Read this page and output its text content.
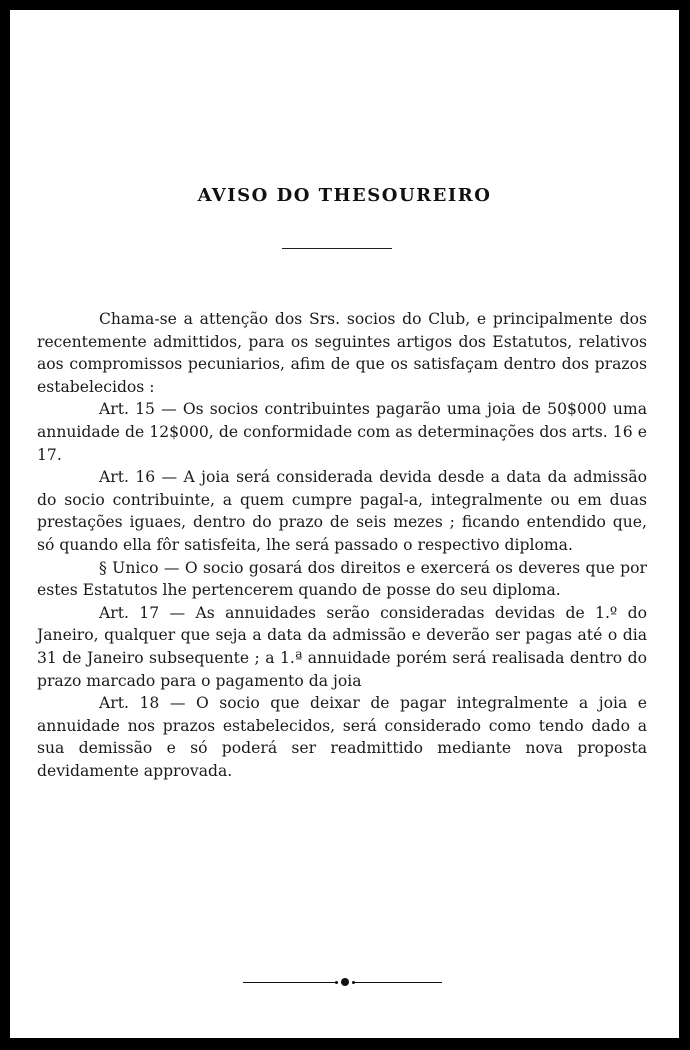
AVISO DO THESOUREIRO

Chama-se a attenção dos Srs. socios do Club, e principalmente dos recentemente admittidos, para os seguintes artigos dos Estatutos, relativos aos compromissos pecuniarios, afim de que os satisfaçam dentro dos prazos estabelecidos :

Art. 15 — Os socios contribuintes pagarão uma joia de 50$000 uma annuidade de 12$000, de conformidade com as determinações dos arts. 16 e 17.

Art. 16 — A joia será considerada devida desde a data da admissão do socio contribuinte, a quem cumpre pagal-a, integralmente ou em duas prestações iguaes, dentro do prazo de seis mezes ; ficando entendido que, só quando ella fôr satisfeita, lhe será passado o respectivo diploma.

§ Unico — O socio gosará dos direitos e exercerá os deveres que por estes Estatutos lhe pertencerem quando de posse do seu diploma.

Art. 17 — As annuidades serão consideradas devidas de 1.º do Janeiro, qualquer que seja a data da admissão e deverão ser pagas até o dia 31 de Janeiro subsequente ; a 1.ª annuidade porém será realisada dentro do prazo marcado para o pagamento da joia

Art. 18 — O socio que deixar de pagar integralmente a joia e annuidade nos prazos estabelecidos, será considerado como tendo dado a sua demissão e só poderá ser readmittido mediante nova proposta devidamente approvada.
